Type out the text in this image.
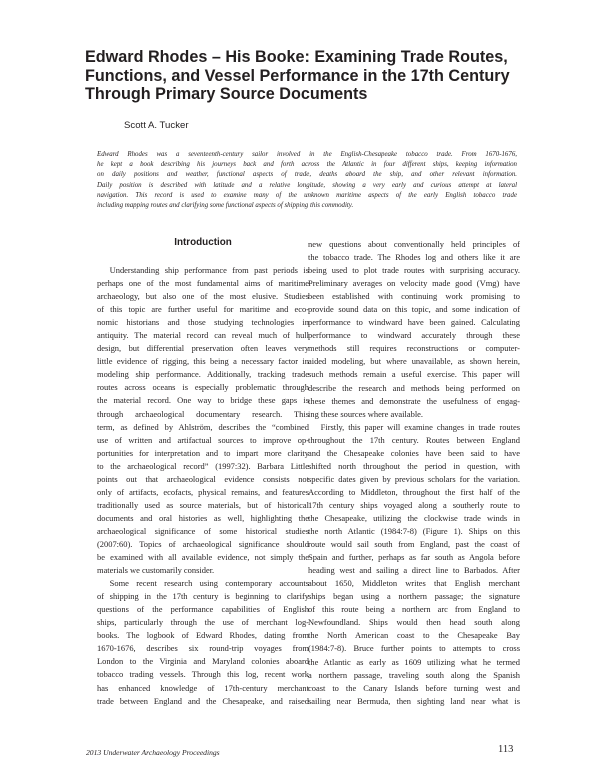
Edward Rhodes – His Booke: Examining Trade Routes,
Functions, and Vessel Performance in the 17th Century
Through Primary Source Documents

Scott A. Tucker

Edward Rhodes was a seventeenth-century sailor involved in the English-Chesapeake tobacco trade. From 1670-1676,
he kept a book describing his journeys back and forth across the Atlantic in four different ships, keeping information
on daily positions and weather, functional aspects of trade, deaths aboard the ship, and other relevant information.
Daily position is described with latitude and a relative longitude, showing a very early and curious attempt at lateral
navigation. This record is used to examine many of the unknown maritime aspects of the early English tobacco trade
including mapping routes and clarifying some functional aspects of shipping this commodity.
Introduction
  Understanding ship performance from past periods is
perhaps one of the most fundamental aims of maritime
archaeology, but also one of the most elusive. Studies
of this topic are further useful for maritime and eco-
nomic historians and those studying technologies in
antiquity. The material record can reveal much of hull
design, but differential preservation often leaves very
little evidence of rigging, this being a necessary factor in
modeling ship performance. Additionally, tracking trade
routes across oceans is especially problematic through
the material record. One way to bridge these gaps is
through archaeological documentary research. This
term, as defined by Ahlström, describes the “combined
use of written and artifactual sources to improve op-
portunities for interpretation and to impart more clarity
to the archaeological record” (1997:32). Barbara Little
points out that archaeological evidence consists not
only of artifacts, ecofacts, physical remains, and features
traditionally used as source materials, but of historical
documents and oral histories as well, highlighting the
archaeological significance of some historical studies
(2007:60). Topics of archaeological significance should
be examined with all available evidence, not simply the
materials we customarily consider.
  Some recent research using contemporary accounts
of shipping in the 17th century is beginning to clarify
questions of the performance capabilities of English
ships, particularly through the use of merchant log-
books. The logbook of Edward Rhodes, dating from
1670-1676, describes six round-trip voyages from
London to the Virginia and Maryland colonies aboard
tobacco trading vessels. Through this log, recent work
has enhanced knowledge of 17th-century merchant
trade between England and the Chesapeake, and raised
new questions about conventionally held principles of
the tobacco trade. The Rhodes log and others like it are
being used to plot trade routes with surprising accuracy.
Preliminary averages on velocity made good (Vmg) have
been established with continuing work promising to
provide sound data on this topic, and some indication of
performance to windward have been gained. Calculating
performance to windward accurately through these
methods still requires reconstructions or computer-
aided modeling, but where unavailable, as shown herein,
such methods remain a useful exercise. This paper will
describe the research and methods being performed on
these themes and demonstrate the usefulness of engag-
ing these sources where available.
  Firstly, this paper will examine changes in trade routes
throughout the 17th century. Routes between England
and the Chesapeake colonies have been said to have
shifted north throughout the period in question, with
specific dates given by previous scholars for the variation.
According to Middleton, throughout the first half of the
17th century ships voyaged along a southerly route to
the Chesapeake, utilizing the clockwise trade winds in
the north Atlantic (1984:7-8) (Figure 1). Ships on this
route would sail south from England, past the coast of
Spain and further, perhaps as far south as Angola before
heading west and sailing a direct line to Barbados. After
about 1650, Middleton writes that English merchant
ships began using a northern passage; the signature
of this route being a northern arc from England to
Newfoundland. Ships would then head south along
the North American coast to the Chesapeake Bay
(1984:7-8). Bruce further points to attempts to cross
the Atlantic as early as 1609 utilizing what he termed
a northern passage, traveling south along the Spanish
coast to the Canary Islands before turning west and
sailing near Bermuda, then sighting land near what is

2013 Underwater Archaeology Proceedings	113
